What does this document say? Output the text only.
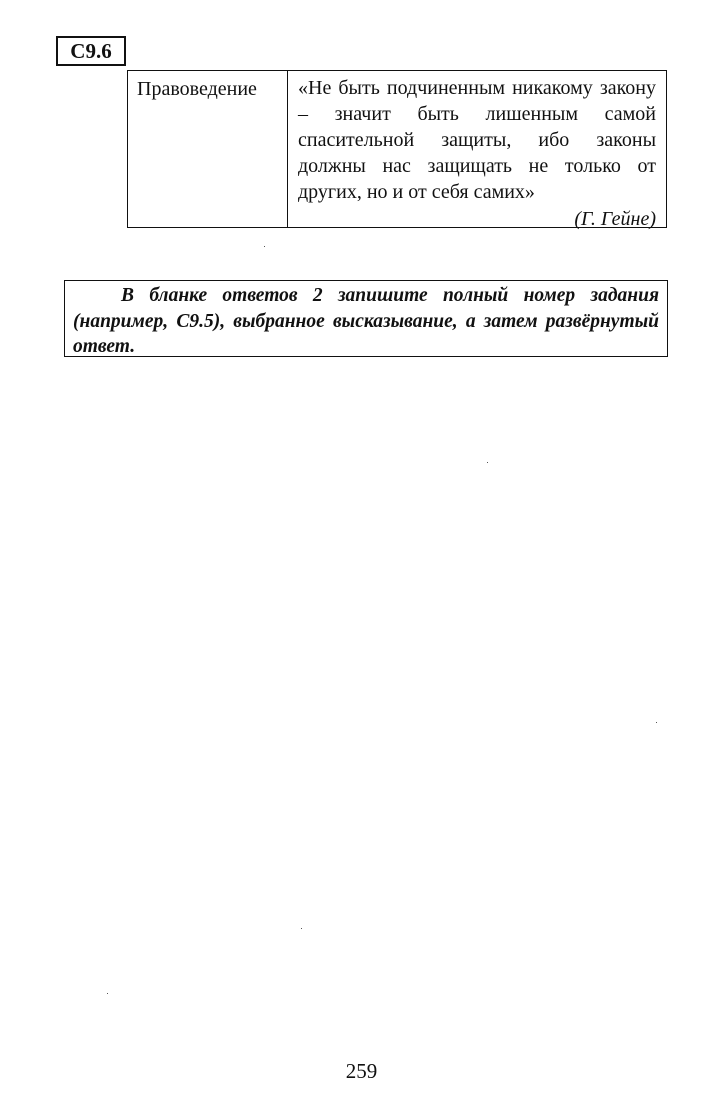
С9.6
Правоведение	«Не быть подчиненным никакому закону – значит быть лишенным самой спасительной защиты, ибо законы должны нас защищать не только от других, но и от себя самих»
(Г. Гейне)
В бланке ответов 2 запишите полный номер задания (например, С9.5), выбранное высказывание, а затем развёрнутый ответ.
259
